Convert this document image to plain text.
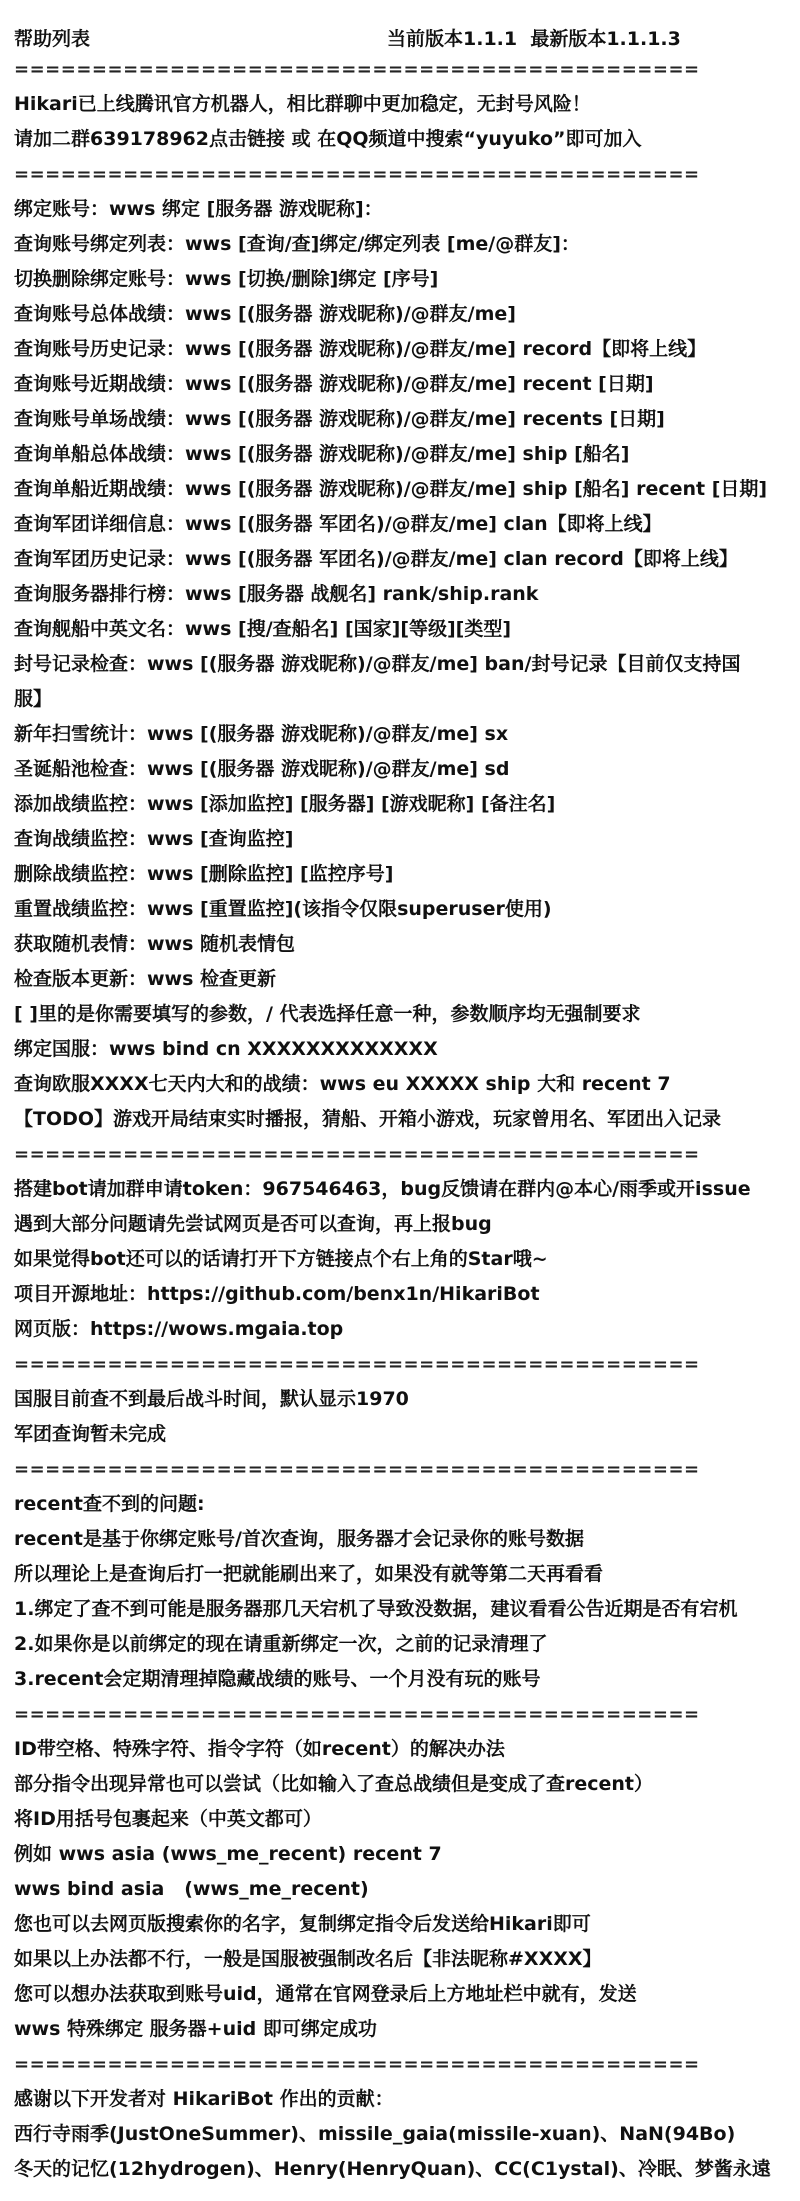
帮助列表	当前版本1.1.1  最新版本1.1.1.3
============================================
Hikari已上线腾讯官方机器人，相比群聊中更加稳定，无封号风险！
请加二群639178962点击链接 或 在QQ频道中搜索“yuyuko”即可加入
============================================
绑定账号：wws 绑定 [服务器 游戏昵称]：
查询账号绑定列表：wws [查询/查]绑定/绑定列表 [me/@群友]：
切换删除绑定账号：wws [切换/删除]绑定 [序号]
查询账号总体战绩：wws [(服务器 游戏昵称)/@群友/me]
查询账号历史记录：wws [(服务器 游戏昵称)/@群友/me] record【即将上线】
查询账号近期战绩：wws [(服务器 游戏昵称)/@群友/me] recent [日期]
查询账号单场战绩：wws [(服务器 游戏昵称)/@群友/me] recents [日期]
查询单船总体战绩：wws [(服务器 游戏昵称)/@群友/me] ship [船名]
查询单船近期战绩：wws [(服务器 游戏昵称)/@群友/me] ship [船名] recent [日期]
查询军团详细信息：wws [(服务器 军团名)/@群友/me] clan【即将上线】
查询军团历史记录：wws [(服务器 军团名)/@群友/me] clan record【即将上线】
查询服务器排行榜：wws [服务器 战舰名] rank/ship.rank
查询舰船中英文名：wws [搜/查船名] [国家][等级][类型]
封号记录检查：wws [(服务器 游戏昵称)/@群友/me] ban/封号记录【目前仅支持国
服】
新年扫雪统计：wws [(服务器 游戏昵称)/@群友/me] sx
圣诞船池检查：wws [(服务器 游戏昵称)/@群友/me] sd
添加战绩监控：wws [添加监控] [服务器] [游戏昵称] [备注名]
查询战绩监控：wws [查询监控]
删除战绩监控：wws [删除监控] [监控序号]
重置战绩监控：wws [重置监控](该指令仅限superuser使用)
获取随机表情：wws 随机表情包
检查版本更新：wws 检查更新
[ ]里的是你需要填写的参数，/ 代表选择任意一种，参数顺序均无强制要求
绑定国服：wws bind cn XXXXXXXXXXXXX
查询欧服XXXX七天内大和的战绩：wws eu XXXXX ship 大和 recent 7
【TODO】游戏开局结束实时播报，猜船、开箱小游戏，玩家曾用名、军团出入记录
============================================
搭建bot请加群申请token：967546463，bug反馈请在群内@本心/雨季或开issue
遇到大部分问题请先尝试网页是否可以查询，再上报bug
如果觉得bot还可以的话请打开下方链接点个右上角的Star哦~
项目开源地址：https://github.com/benx1n/HikariBot
网页版：https://wows.mgaia.top
============================================
国服目前查不到最后战斗时间，默认显示1970
军团查询暂未完成
============================================
recent查不到的问题:
recent是基于你绑定账号/首次查询，服务器才会记录你的账号数据
所以理论上是查询后打一把就能刷出来了，如果没有就等第二天再看看
1.绑定了查不到可能是服务器那几天宕机了导致没数据，建议看看公告近期是否有宕机
2.如果你是以前绑定的现在请重新绑定一次，之前的记录清理了
3.recent会定期清理掉隐藏战绩的账号、一个月没有玩的账号
============================================
ID带空格、特殊字符、指令字符（如recent）的解决办法
部分指令出现异常也可以尝试（比如输入了查总战绩但是变成了查recent）
将ID用括号包裹起来（中英文都可）
例如 wws asia (wws_me_recent) recent 7
wws bind asia   (wws_me_recent)
您也可以去网页版搜索你的名字，复制绑定指令后发送给Hikari即可
如果以上办法都不行，一般是国服被强制改名后【非法昵称#XXXX】
您可以想办法获取到账号uid，通常在官网登录后上方地址栏中就有，发送
wws 特殊绑定 服务器+uid 即可绑定成功
============================================
感谢以下开发者对 HikariBot 作出的贡献：
西行寺雨季(JustOneSummer)、missile_gaia(missile-xuan)、NaN(94Bo)
冬天的记忆(12hydrogen)、Henry(HenryQuan)、CC(C1ystal)、冷眠、梦酱永遠
